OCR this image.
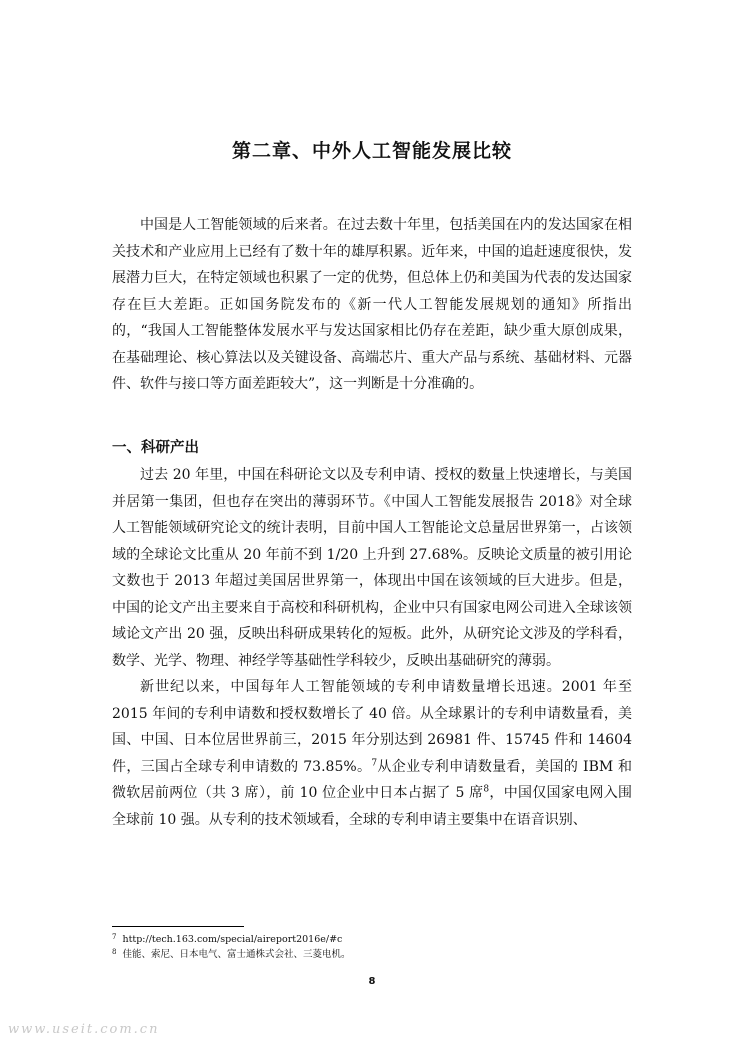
第二章、中外人工智能发展比较

中国是人工智能领域的后来者。在过去数十年里，包括美国在内的发达国家在相关技术和产业应用上已经有了数十年的雄厚积累。近年来，中国的追赶速度很快，发展潜力巨大，在特定领域也积累了一定的优势，但总体上仍和美国为代表的发达国家存在巨大差距。正如国务院发布的《新一代人工智能发展规划的通知》所指出的，“我国人工智能整体发展水平与发达国家相比仍存在差距，缺少重大原创成果，在基础理论、核心算法以及关键设备、高端芯片、重大产品与系统、基础材料、元器件、软件与接口等方面差距较大”，这一判断是十分准确的。

一、科研产出

过去 20 年里，中国在科研论文以及专利申请、授权的数量上快速增长，与美国并居第一集团，但也存在突出的薄弱环节。《中国人工智能发展报告 2018》对全球人工智能领域研究论文的统计表明，目前中国人工智能论文总量居世界第一，占该领域的全球论文比重从 20 年前不到 1/20 上升到 27.68%。反映论文质量的被引用论文数也于 2013 年超过美国居世界第一，体现出中国在该领域的巨大进步。但是，中国的论文产出主要来自于高校和科研机构，企业中只有国家电网公司进入全球该领域论文产出 20 强，反映出科研成果转化的短板。此外，从研究论文涉及的学科看，数学、光学、物理、神经学等基础性学科较少，反映出基础研究的薄弱。

新世纪以来，中国每年人工智能领域的专利申请数量增长迅速。2001 年至 2015 年间的专利申请数和授权数增长了 40 倍。从全球累计的专利申请数量看，美国、中国、日本位居世界前三，2015 年分别达到 26981 件、15745 件和 14604 件，三国占全球专利申请数的 73.85%。$^7$从企业专利申请数量看，美国的 IBM 和微软居前两位（共 3 席），前 10 位企业中日本占据了 5 席$^8$，中国仅国家电网入围全球前 10 强。从专利的技术领域看，全球的专利申请主要集中在语音识别、

7 http://tech.163.com/special/aireport2016e/#c
8 佳能、索尼、日本电气、富士通株式会社、三菱电机。
8
www.useit.com.cn
